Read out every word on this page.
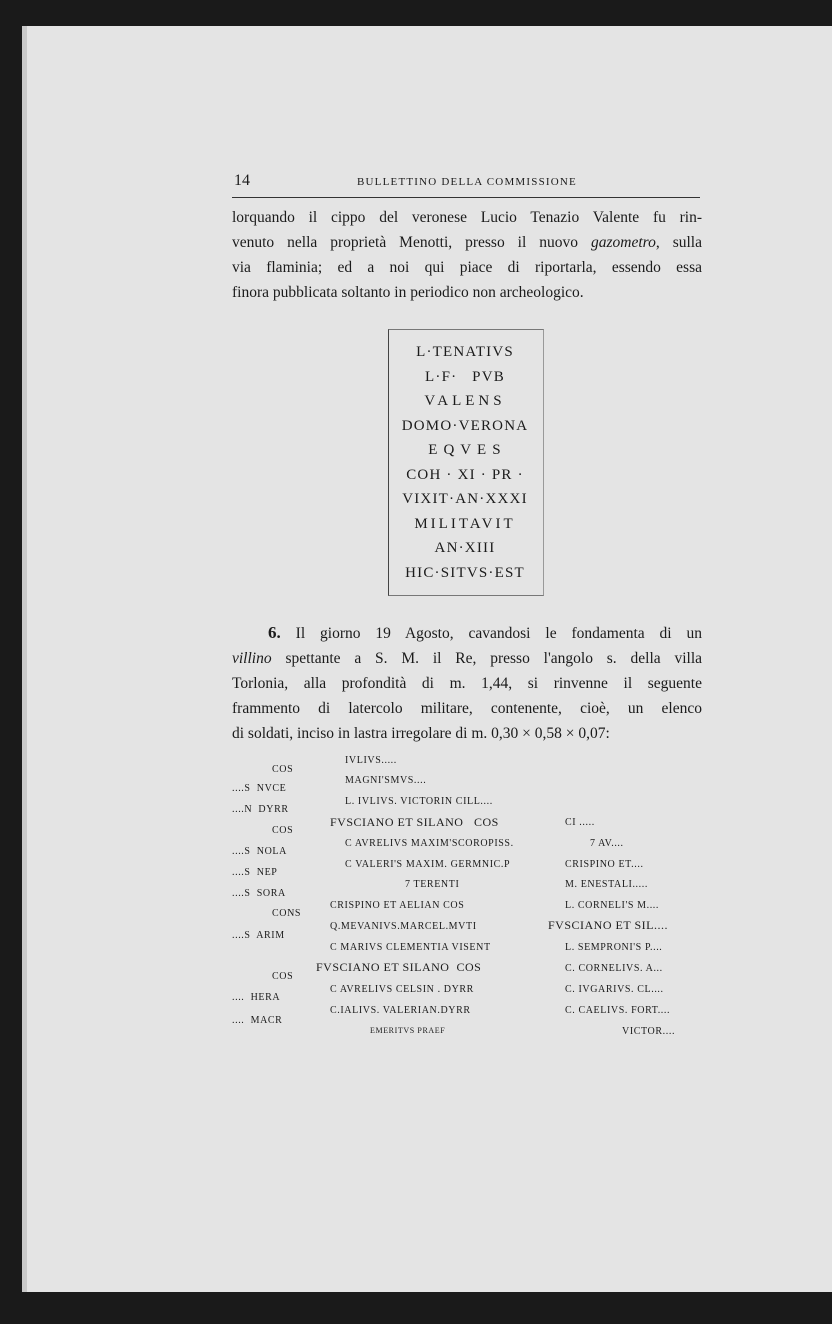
14	BULLETTINO DELLA COMMISSIONE
lorquando il cippo del veronese Lucio Tenazio Valente fu rin-
venuto nella proprietà Menotti, presso il nuovo gazometro, sulla
via flaminia; ed a noi qui piace di riportarla, essendo essa
finora pubblicata soltanto in periodico non archeologico.
L·TENATIVS
L·F·   PVB
VALENS
DOMO·VERONA
E Q V E S
COH · XI · PR ·
VIXIT·AN·XXXI
MILITAVIT
AN·XIII
HIC·SITVS·EST
6. Il giorno 19 Agosto, cavandosi le fondamenta di un
villino spettante a S. M. il Re, presso l'angolo s. della villa
Torlonia, alla profondità di m. 1,44, si rinvenne il seguente
frammento di latercolo militare, contenente, cioè, un elenco
di soldati, inciso in lastra irregolare di m. 0,30 × 0,58 × 0,07:
COS
....S  NVCE
....N  DYRR
COS
....S  NOLA
....S  NEP
....S  SORA
CONS
....S  ARIM
COS
....  HERA
....  MACR
IVLIVS.....
MAGNI'SMVS....
L. IVLIVS. VICTORIN CILL....
FVSCIANO ET SILANO   COS
C AVRELIVS MAXIM'SCOROPISS.
C VALERI'S MAXIM. GERMNIC.P
7 TERENTI
CRISPINO ET AELIAN COS
Q.MEVANIVS.MARCEL.MVTI
C MARIVS CLEMENTIA VISENT
FVSCIANO ET SILANO  COS
C AVRELIVS CELSIN . DYRR
C.IALIVS. VALERIAN.DYRR
EMERITVS PRAEF
CI .....
7 AV....
CRISPINO ET....
M. ENESTALI.....
L. CORNELI'S M....
FVSCIANO ET SIL....
L. SEMPRONI'S P....
C. CORNELIVS. A...
C. IVGARIVS. CL....
C. CAELIVS. FORT....
VICTOR....
